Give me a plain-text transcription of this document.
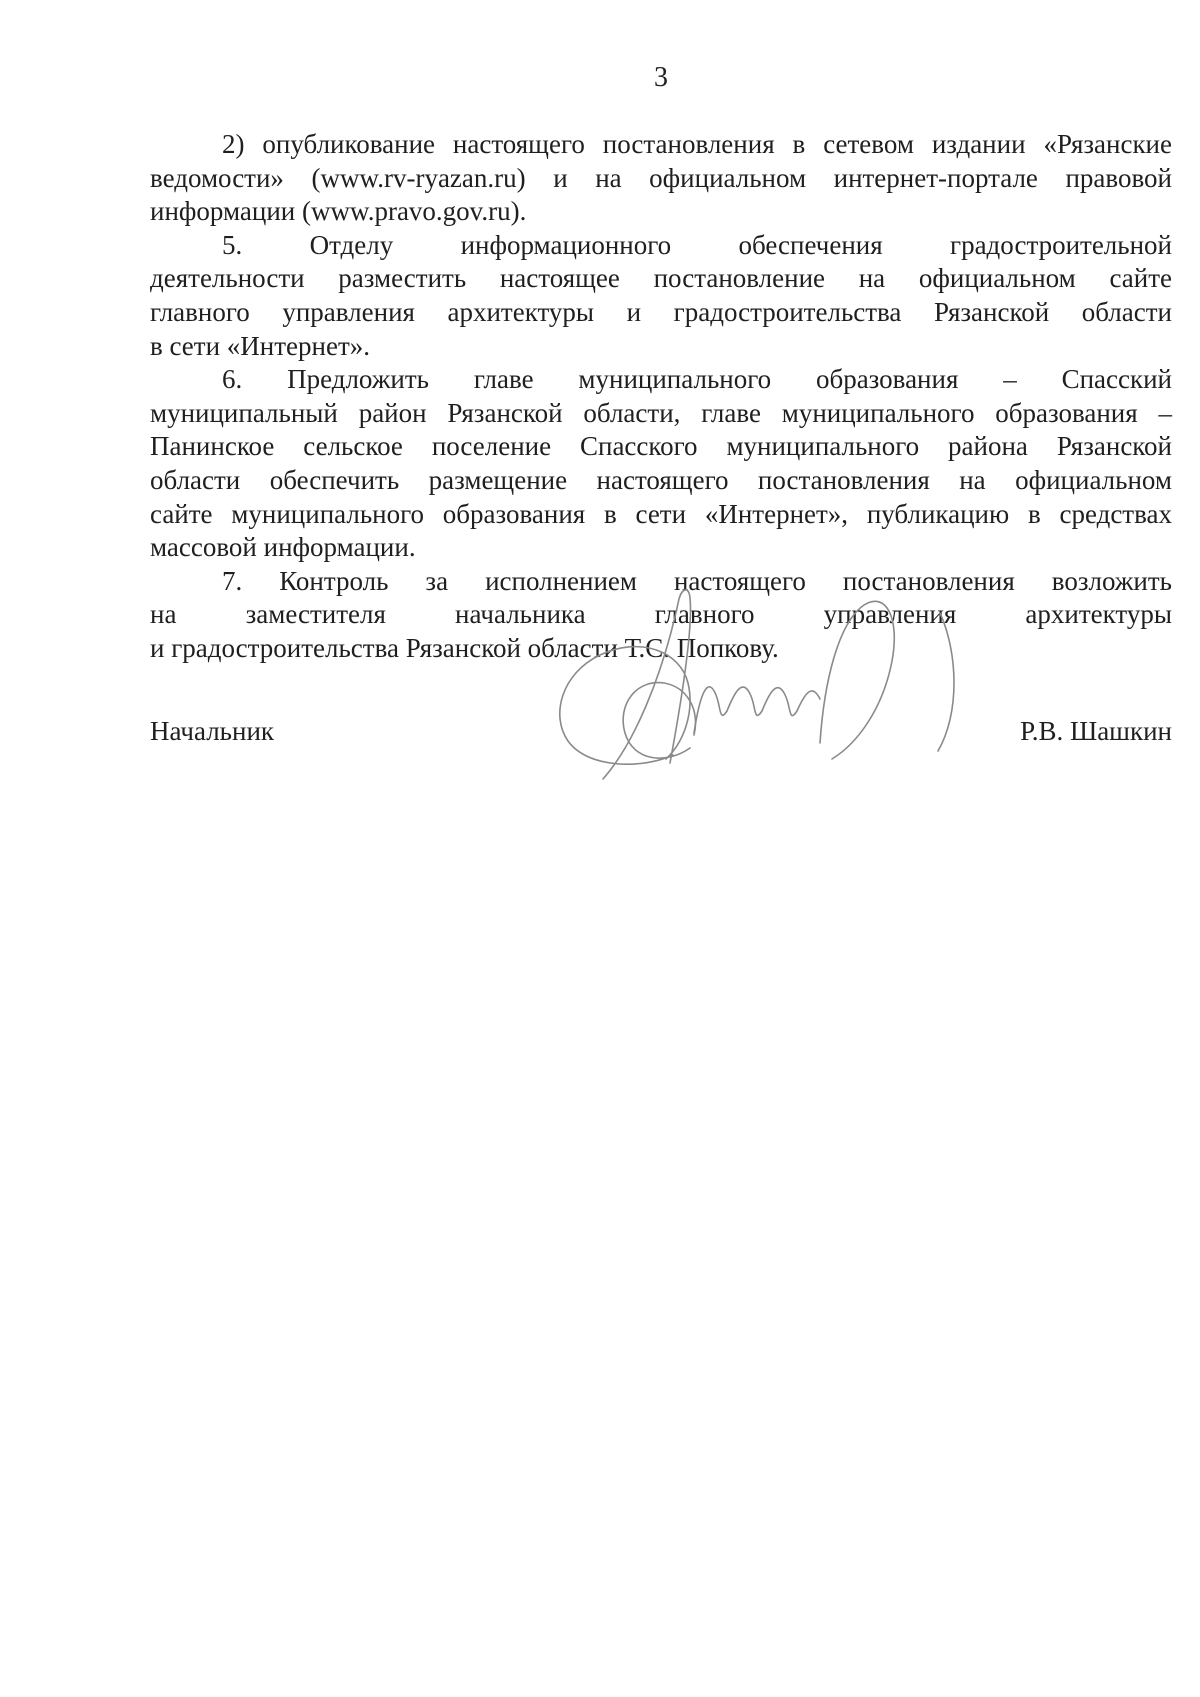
3
2) опубликование настоящего постановления в сетевом издании «Рязанские
ведомости» (www.rv-ryazan.ru) и на официальном интернет-портале правовой
информации (www.pravo.gov.ru).
5. Отделу информационного обеспечения градостроительной
деятельности разместить настоящее постановление на официальном сайте
главного управления архитектуры и градостроительства Рязанской области
в сети «Интернет».
6. Предложить главе муниципального образования – Спасский
муниципальный район Рязанской области, главе муниципального образования –
Панинское сельское поселение Спасского муниципального района Рязанской
области обеспечить размещение настоящего постановления на официальном
сайте муниципального образования в сети «Интернет», публикацию в средствах
массовой информации.
7. Контроль за исполнением настоящего постановления возложить
на заместителя начальника главного управления архитектуры
и градостроительства Рязанской области Т.С. Попкову.
Начальник	Р.В. Шашкин
